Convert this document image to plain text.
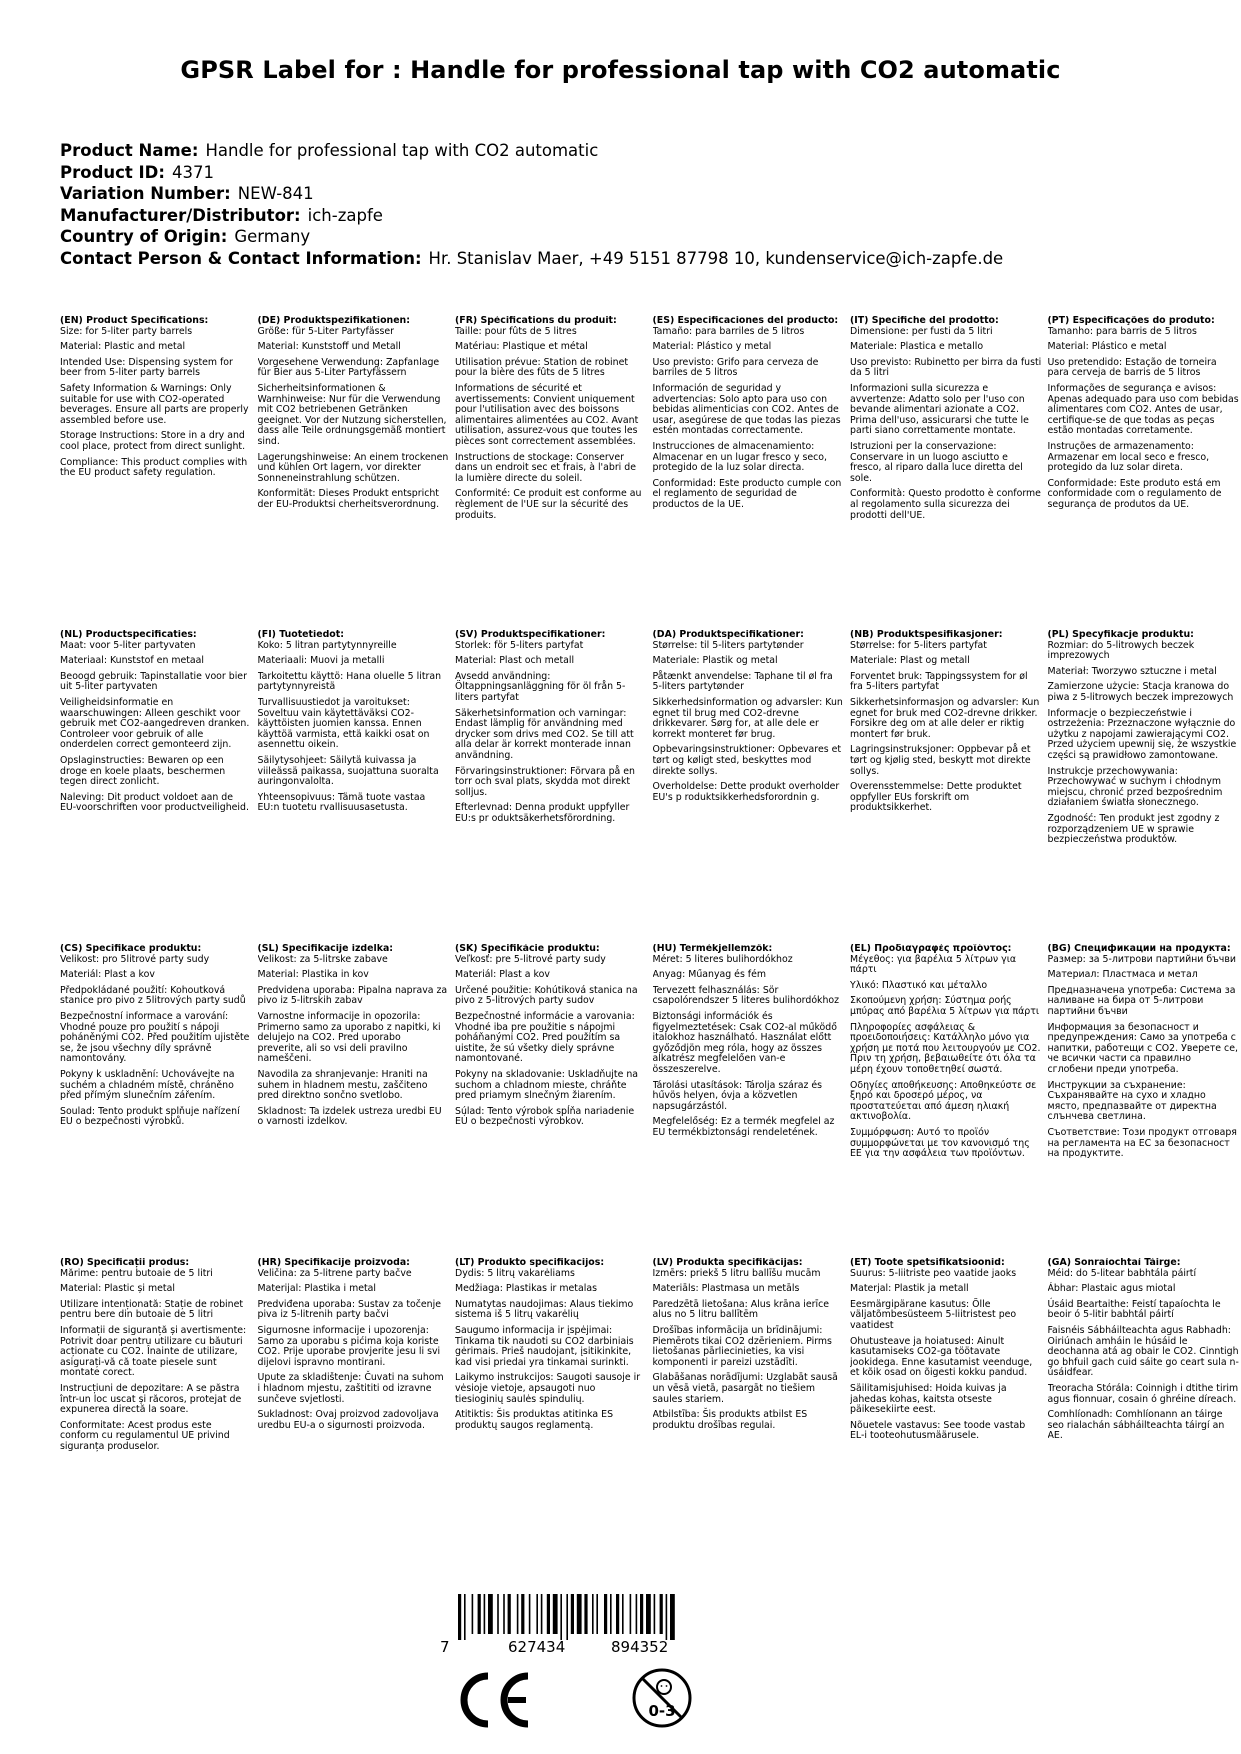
GPSR Label for : Handle for professional tap with CO2 automatic
Product Name: Handle for professional tap with CO2 automatic
Product ID: 4371
Variation Number: NEW-841
Manufacturer/Distributor: ich-zapfe
Country of Origin: Germany
Contact Person & Contact Information: Hr. Stanislav Maer, +49 5151 87798 10, kundenservice@ich-zapfe.de
(EN) Product Specifications:
Size: for 5-liter party barrels
Material: Plastic and metal
Intended Use: Dispensing system for beer from 5-liter party barrels
Safety Information & Warnings: Only suitable for use with CO2-operated beverages. Ensure all parts are properly assembled before use.
Storage Instructions: Store in a dry and cool place, protect from direct sunlight.
Compliance: This product complies with the EU product safety regulation.
(DE) Produktspezifikationen:
Größe: für 5-Liter Partyfässer
Material: Kunststoff und Metall
Vorgesehene Verwendung: Zapfanlage für Bier aus 5-Liter Partyfässern
Sicherheitsinformationen & Warnhinweise: Nur für die Verwendung mit CO2 betriebenen Getränken geeignet. Vor der Nutzung sicherstellen, dass alle Teile ordnungsgemäß montiert sind.
Lagerungshinweise: An einem trockenen und kühlen Ort lagern, vor direkter Sonneneinstrahlung schützen.
Konformität: Dieses Produkt entspricht der EU-Produktsi cherheitsverordnung.
(FR) Spécifications du produit:
Taille: pour fûts de 5 litres
Matériau: Plastique et métal
Utilisation prévue: Station de robinet pour la bière des fûts de 5 litres
Informations de sécurité et avertissements: Convient uniquement pour l'utilisation avec des boissons alimentaires alimentées au CO2. Avant utilisation, assurez-vous que toutes les pièces sont correctement assemblées.
Instructions de stockage: Conserver dans un endroit sec et frais, à l'abri de la lumière directe du soleil.
Conformité: Ce produit est conforme au règlement de l'UE sur la sécurité des produits.
(ES) Especificaciones del producto:
Tamaño: para barriles de 5 litros
Material: Plástico y metal
Uso previsto: Grifo para cerveza de barriles de 5 litros
Información de seguridad y advertencias: Solo apto para uso con bebidas alimenticias con CO2. Antes de usar, asegúrese de que todas las piezas estén montadas correctamente.
Instrucciones de almacenamiento: Almacenar en un lugar fresco y seco, protegido de la luz solar directa.
Conformidad: Este producto cumple con el reglamento de seguridad de productos de la UE.
(IT) Specifiche del prodotto:
Dimensione: per fusti da 5 litri
Materiale: Plastica e metallo
Uso previsto: Rubinetto per birra da fusti da 5 litri
Informazioni sulla sicurezza e avvertenze: Adatto solo per l'uso con bevande alimentari azionate a CO2. Prima dell'uso, assicurarsi che tutte le parti siano correttamente montate.
Istruzioni per la conservazione: Conservare in un luogo asciutto e fresco, al riparo dalla luce diretta del sole.
Conformità: Questo prodotto è conforme al regolamento sulla sicurezza dei prodotti dell'UE.
(PT) Especificações do produto:
Tamanho: para barris de 5 litros
Material: Plástico e metal
Uso pretendido: Estação de torneira para cerveja de barris de 5 litros
Informações de segurança e avisos: Apenas adequado para uso com bebidas alimentares com CO2. Antes de usar, certifique-se de que todas as peças estão montadas corretamente.
Instruções de armazenamento: Armazenar em local seco e fresco, protegido da luz solar direta.
Conformidade: Este produto está em conformidade com o regulamento de segurança de produtos da UE.
(NL) Productspecificaties:
Maat: voor 5-liter partyvaten
Materiaal: Kunststof en metaal
Beoogd gebruik: Tapinstallatie voor bier uit 5-liter partyvaten
Veiligheidsinformatie en waarschuwingen: Alleen geschikt voor gebruik met CO2-aangedreven dranken. Controleer voor gebruik of alle onderdelen correct gemonteerd zijn.
Opslaginstructies: Bewaren op een droge en koele plaats, beschermen tegen direct zonlicht.
Naleving: Dit product voldoet aan de EU-voorschriften voor productveiligheid.
(FI) Tuotetiedot:
Koko: 5 litran partytynnyreille
Materiaali: Muovi ja metalli
Tarkoitettu käyttö: Hana oluelle 5 litran partytynnyreistä
Turvallisuustiedot ja varoitukset: Soveltuu vain käytettäväksi CO2-käyttöisten juomien kanssa. Ennen käyttöä varmista, että kaikki osat on asennettu oikein.
Säilytysohjeet: Säilytä kuivassa ja viileässä paikassa, suojattuna suoralta auringonvalolta.
Yhteensopivuus: Tämä tuote vastaa EU:n tuotetu rvallisuusasetusta.
(SV) Produktspecifikationer:
Storlek: för 5-liters partyfat
Material: Plast och metall
Avsedd användning: Öltappningsanläggning för öl från 5-liters partyfat
Säkerhetsinformation och varningar: Endast lämplig för användning med drycker som drivs med CO2. Se till att alla delar är korrekt monterade innan användning.
Förvaringsinstruktioner: Förvara på en torr och sval plats, skydda mot direkt solljus.
Efterlevnad: Denna produkt uppfyller EU:s pr oduktsäkerhetsförordning.
(DA) Produktspecifikationer:
Størrelse: til 5-liters partytønder
Materiale: Plastik og metal
Påtænkt anvendelse: Taphane til øl fra 5-liters partytønder
Sikkerhedsinformation og advarsler: Kun egnet til brug med CO2-drevne drikkevarer. Sørg for, at alle dele er korrekt monteret før brug.
Opbevaringsinstruktioner: Opbevares et tørt og køligt sted, beskyttes mod direkte sollys.
Overholdelse: Dette produkt overholder EU's p roduktsikkerhedsforordnin g.
(NB) Produktspesifikasjoner:
Størrelse: for 5-liters partyfat
Materiale: Plast og metall
Forventet bruk: Tappingssystem for øl fra 5-liters partyfat
Sikkerhetsinformasjon og advarsler: Kun egnet for bruk med CO2-drevne drikker. Forsikre deg om at alle deler er riktig montert før bruk.
Lagringsinstruksjoner: Oppbevar på et tørt og kjølig sted, beskytt mot direkte sollys.
Overensstemmelse: Dette produktet oppfyller EUs forskrift om produktsikkerhet.
(PL) Specyfikacje produktu:
Rozmiar: do 5-litrowych beczek imprezowych
Materiał: Tworzywo sztuczne i metal
Zamierzone użycie: Stacja kranowa do piwa z 5-litrowych beczek imprezowych
Informacje o bezpieczeństwie i ostrzeżenia: Przeznaczone wyłącznie do użytku z napojami zawierającymi CO2. Przed użyciem upewnij się, że wszystkie części są prawidłowo zamontowane.
Instrukcje przechowywania: Przechowywać w suchym i chłodnym miejscu, chronić przed bezpośrednim działaniem światła słonecznego.
Zgodność: Ten produkt jest zgodny z rozporządzeniem UE w sprawie bezpieczeństwa produktów.
(CS) Specifikace produktu:
Velikost: pro 5litrové party sudy
Materiál: Plast a kov
Předpokládané použití: Kohoutková stanice pro pivo z 5litrových party sudů
Bezpečnostní informace a varování: Vhodné pouze pro použití s nápoji poháněnými CO2. Před použitím ujistěte se, že jsou všechny díly správně namontovány.
Pokyny k uskladnění: Uchovávejte na suchém a chladném místě, chráněno před přímým slunečním zářením.
Soulad: Tento produkt splňuje nařízení EU o bezpečnosti výrobků.
(SL) Specifikacije izdelka:
Velikost: za 5-litrske zabave
Material: Plastika in kov
Predvidena uporaba: Pipalna naprava za pivo iz 5-litrskih zabav
Varnostne informacije in opozorila: Primerno samo za uporabo z napitki, ki delujejo na CO2. Pred uporabo preverite, ali so vsi deli pravilno nameščeni.
Navodila za shranjevanje: Hraniti na suhem in hladnem mestu, zaščiteno pred direktno sončno svetlobo.
Skladnost: Ta izdelek ustreza uredbi EU o varnosti izdelkov.
(SK) Špecifikácie produktu:
Veľkosť: pre 5-litrové party sudy
Materiál: Plast a kov
Určené použitie: Kohútiková stanica na pivo z 5-litrových party sudov
Bezpečnostné informácie a varovania: Vhodné iba pre použitie s nápojmi poháňanými CO2. Pred použitím sa uistite, že sú všetky diely správne namontované.
Pokyny na skladovanie: Uskladňujte na suchom a chladnom mieste, chráňte pred priamym slnečným žiarením.
Súlad: Tento výrobok spĺňa nariadenie EÚ o bezpečnosti výrobkov.
(HU) Termékjellemzők:
Méret: 5 literes bulihordókhoz
Anyag: Műanyag és fém
Tervezett felhasználás: Sör csapolórendszer 5 literes bulihordókhoz
Biztonsági információk és figyelmeztetések: Csak CO2-al működő italokhoz használható. Használat előtt győződjön meg róla, hogy az összes alkatrész megfelelően van-e összeszerelve.
Tárolási utasítások: Tárolja száraz és hűvös helyen, óvja a közvetlen napsugárzástól.
Megfelelőség: Ez a termék megfelel az EU termékbiztonsági rendeletének.
(EL) Προδιαγραφές προϊόντος:
Μέγεθος: για βαρέλια 5 λίτρων για πάρτι
Υλικό: Πλαστικό και μέταλλο
Σκοπούμενη χρήση: Σύστημα ροής μπύρας από βαρέλια 5 λίτρων για πάρτι
Πληροφορίες ασφάλειας & προειδοποιήσεις: Κατάλληλο μόνο για χρήση με ποτά που λειτουργούν με CO2. Πριν τη χρήση, βεβαιωθείτε ότι όλα τα μέρη έχουν τοποθετηθεί σωστά.
Οδηγίες αποθήκευσης: Αποθηκεύστε σε ξηρό και δροσερό μέρος, να προστατεύεται από άμεση ηλιακή ακτινοβολία.
Συμμόρφωση: Αυτό το προϊόν συμμορφώνεται με τον κανονισμό της ΕΕ για την ασφάλεια των προϊόντων.
(BG) Спецификации на продукта:
Размер: за 5-литрови партийни бъчви
Материал: Пластмаса и метал
Предназначена употреба: Система за наливане на бира от 5-литрови партийни бъчви
Информация за безопасност и предупреждения: Само за употреба с напитки, работещи с CO2. Уверете се, че всички части са правилно сглобени преди употреба.
Инструкции за съхранение: Съхранявайте на сухо и хладно място, предпазвайте от директна слънчева светлина.
Съответствие: Този продукт отговаря на регламента на ЕС за безопасност на продуктите.
(RO) Specificații produs:
Mărime: pentru butoaie de 5 litri
Material: Plastic și metal
Utilizare intenționată: Stație de robinet pentru bere din butoaie de 5 litri
Informații de siguranță și avertismente: Potrivit doar pentru utilizare cu băuturi acționate cu CO2. Înainte de utilizare, asigurați-vă că toate piesele sunt montate corect.
Instrucțiuni de depozitare: A se păstra într-un loc uscat și răcoros, protejat de expunerea directă la soare.
Conformitate: Acest produs este conform cu regulamentul UE privind siguranța produselor.
(HR) Specifikacije proizvoda:
Veličina: za 5-litrene party bačve
Materijal: Plastika i metal
Predviđena uporaba: Sustav za točenje piva iz 5-litrenih party bačvi
Sigurnosne informacije i upozorenja: Samo za uporabu s pićima koja koriste CO2. Prije uporabe provjerite jesu li svi dijelovi ispravno montirani.
Upute za skladištenje: Čuvati na suhom i hladnom mjestu, zaštititi od izravne sunčeve svjetlosti.
Sukladnost: Ovaj proizvod zadovoljava uredbu EU-a o sigurnosti proizvoda.
(LT) Produkto specifikacijos:
Dydis: 5 litrų vakarėliams
Medžiaga: Plastikas ir metalas
Numatytas naudojimas: Alaus tiekimo sistema iš 5 litrų vakarėlių
Saugumo informacija ir įspėjimai: Tinkama tik naudoti su CO2 darbiniais gėrimais. Prieš naudojant, įsitikinkite, kad visi priedai yra tinkamai surinkti.
Laikymo instrukcijos: Saugoti sausoje ir vėsioje vietoje, apsaugoti nuo tiesioginių saulės spindulių.
Atitiktis: Šis produktas atitinka ES produktų saugos reglamentą.
(LV) Produkta specifikācijas:
Izmērs: priekš 5 litru ballīšu mucām
Materiāls: Plastmasa un metāls
Paredzētā lietošana: Alus krāna ierīce alus no 5 litru ballītēm
Drošības informācija un brīdinājumi: Piemērots tikai CO2 dzērieniem. Pirms lietošanas pārliecinieties, ka visi komponenti ir pareizi uzstādīti.
Glabāšanas norādījumi: Uzglabāt sausā un vēsā vietā, pasargāt no tiešiem saules stariem.
Atbilstība: Šis produkts atbilst ES produktu drošības regulai.
(ET) Toote spetsifikatsioonid:
Suurus: 5-liitriste peo vaatide jaoks
Materjal: Plastik ja metall
Eesmärgipärane kasutus: Õlle väljatõmbesüsteem 5-liitristest peo vaatidest
Ohutusteave ja hoiatused: Ainult kasutamiseks CO2-ga töötavate jookidega. Enne kasutamist veenduge, et kõik osad on õigesti kokku pandud.
Säilitamisjuhised: Hoida kuivas ja jahedas kohas, kaitsta otseste päikesekiirte eest.
Nõuetele vastavus: See toode vastab EL-i tooteohutusmäärusele.
(GA) Sonraíochtaí Táirge:
Méid: do 5-litear babhtála páirtí
Ábhar: Plastaic agus miotal
Úsáid Beartaithe: Feistí tapaíochta le beoir ó 5-litir babhtál páirtí
Faisnéis Sábháilteachta agus Rabhadh: Oiriúnach amháin le húsáid le deochanna atá ag obair le CO2. Cinntigh go bhfuil gach cuid sáite go ceart sula n-úsáidfear.
Treoracha Stórála: Coinnigh i dtithe tirim agus fionnuar, cosain ó ghréine díreach.
Comhlíonadh: Comhlíonann an táirge seo rialachán sábháilteachta táirgí an AE.
7	627434	894352
0-3
